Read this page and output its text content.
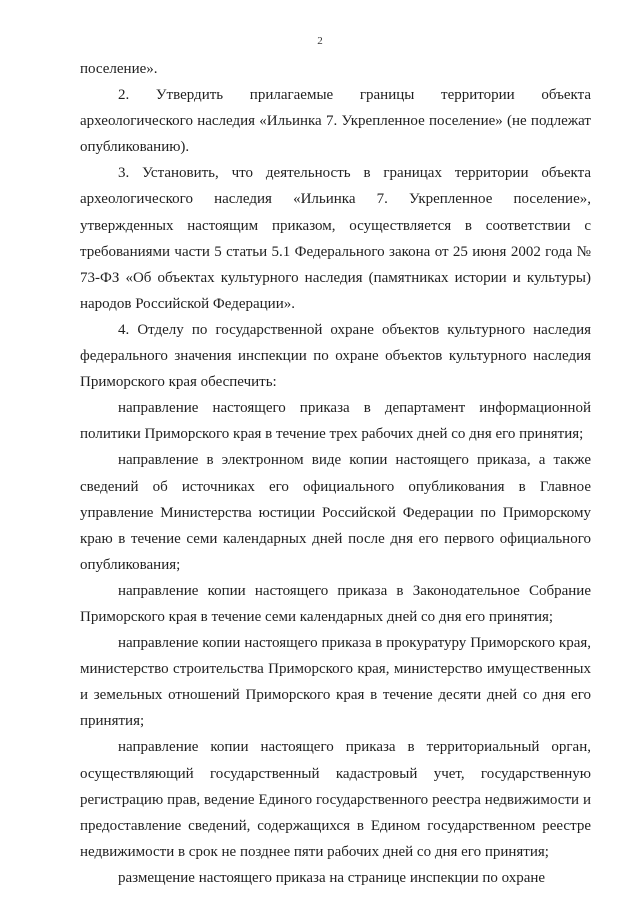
2

поселение».

2. Утвердить прилагаемые границы территории объекта археологического наследия «Ильинка 7. Укрепленное поселение» (не подлежат опубликованию).

3. Установить, что деятельность в границах территории объекта археологического наследия «Ильинка 7. Укрепленное поселение», утвержденных настоящим приказом, осуществляется в соответствии с требованиями части 5 статьи 5.1 Федерального закона от 25 июня 2002 года № 73-ФЗ «Об объектах культурного наследия (памятниках истории и культуры) народов Российской Федерации».

4. Отделу по государственной охране объектов культурного наследия федерального значения инспекции по охране объектов культурного наследия Приморского края обеспечить:

направление настоящего приказа в департамент информационной политики Приморского края в течение трех рабочих дней со дня его принятия;

направление в электронном виде копии настоящего приказа, а также сведений об источниках его официального опубликования в Главное управление Министерства юстиции Российской Федерации по Приморскому краю в течение семи календарных дней после дня его первого официального опубликования;

направление копии настоящего приказа в Законодательное Собрание Приморского края в течение семи календарных дней со дня его принятия;

направление копии настоящего приказа в прокуратуру Приморского края, министерство строительства Приморского края, министерство имущественных и земельных отношений Приморского края в течение десяти дней со дня его принятия;

направление копии настоящего приказа в территориальный орган, осуществляющий государственный кадастровый учет, государственную регистрацию прав, ведение Единого государственного реестра недвижимости и предоставление сведений, содержащихся в Едином государственном реестре недвижимости в срок не позднее пяти рабочих дней со дня его принятия;

размещение настоящего приказа на странице инспекции по охране
